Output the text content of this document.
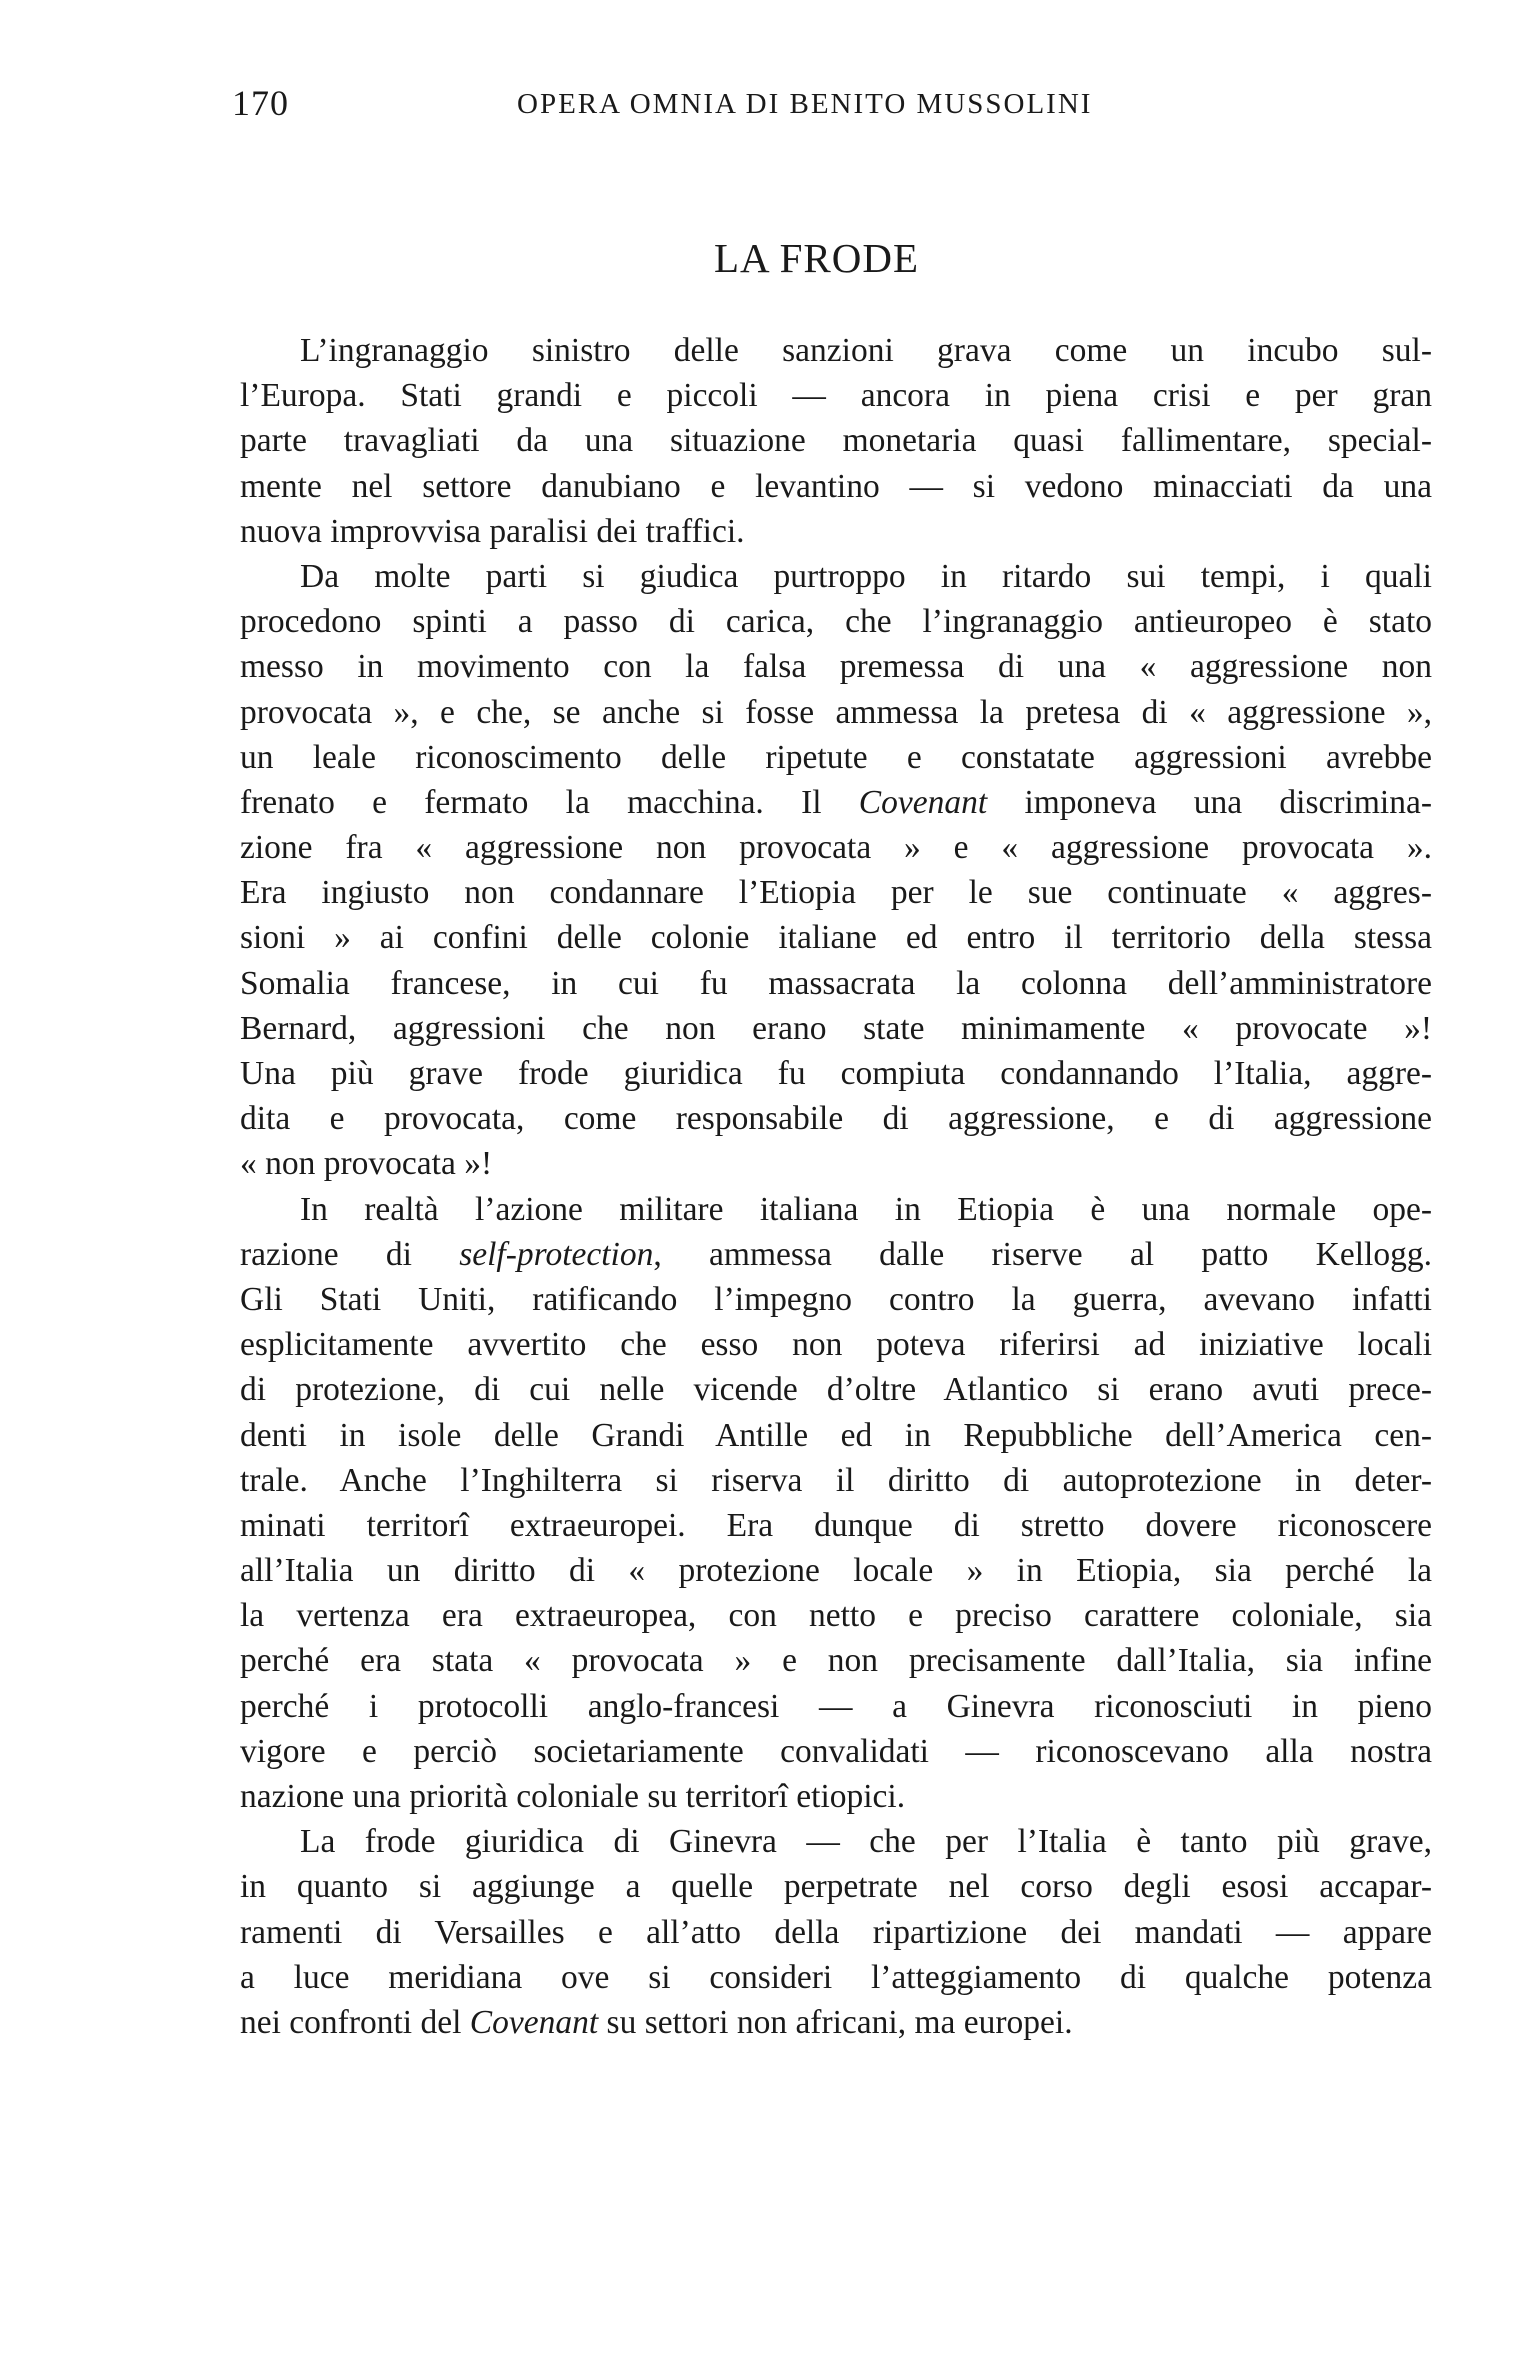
170	OPERA OMNIA DI BENITO MUSSOLINI
LA FRODE
L’ingranaggio sinistro delle sanzioni grava come un incubo sul-
l’Europa. Stati grandi e piccoli — ancora in piena crisi e per gran
parte travagliati da una situazione monetaria quasi fallimentare, special-
mente nel settore danubiano e levantino — si vedono minacciati da una
nuova improvvisa paralisi dei traffici.
Da molte parti si giudica purtroppo in ritardo sui tempi, i quali
procedono spinti a passo di carica, che l’ingranaggio antieuropeo è stato
messo in movimento con la falsa premessa di una « aggressione non
provocata », e che, se anche si fosse ammessa la pretesa di « aggressione »,
un leale riconoscimento delle ripetute e constatate aggressioni avrebbe
frenato e fermato la macchina. Il Covenant imponeva una discrimina-
zione fra « aggressione non provocata » e « aggressione provocata ».
Era ingiusto non condannare l’Etiopia per le sue continuate « aggres-
sioni » ai confini delle colonie italiane ed entro il territorio della stessa
Somalia francese, in cui fu massacrata la colonna dell’amministratore
Bernard, aggressioni che non erano state minimamente « provocate »!
Una più grave frode giuridica fu compiuta condannando l’Italia, aggre-
dita e provocata, come responsabile di aggressione, e di aggressione
« non provocata »!
In realtà l’azione militare italiana in Etiopia è una normale ope-
razione di self-protection, ammessa dalle riserve al patto Kellogg.
Gli Stati Uniti, ratificando l’impegno contro la guerra, avevano infatti
esplicitamente avvertito che esso non poteva riferirsi ad iniziative locali
di protezione, di cui nelle vicende d’oltre Atlantico si erano avuti prece-
denti in isole delle Grandi Antille ed in Repubbliche dell’America cen-
trale. Anche l’Inghilterra si riserva il diritto di autoprotezione in deter-
minati territorî extraeuropei. Era dunque di stretto dovere riconoscere
all’Italia un diritto di « protezione locale » in Etiopia, sia perché la
la vertenza era extraeuropea, con netto e preciso carattere coloniale, sia
perché era stata « provocata » e non precisamente dall’Italia, sia infine
perché i protocolli anglo-francesi — a Ginevra riconosciuti in pieno
vigore e perciò societariamente convalidati — riconoscevano alla nostra
nazione una priorità coloniale su territorî etiopici.
La frode giuridica di Ginevra — che per l’Italia è tanto più grave,
in quanto si aggiunge a quelle perpetrate nel corso degli esosi accapar-
ramenti di Versailles e all’atto della ripartizione dei mandati — appare
a luce meridiana ove si consideri l’atteggiamento di qualche potenza
nei confronti del Covenant su settori non africani, ma europei.
